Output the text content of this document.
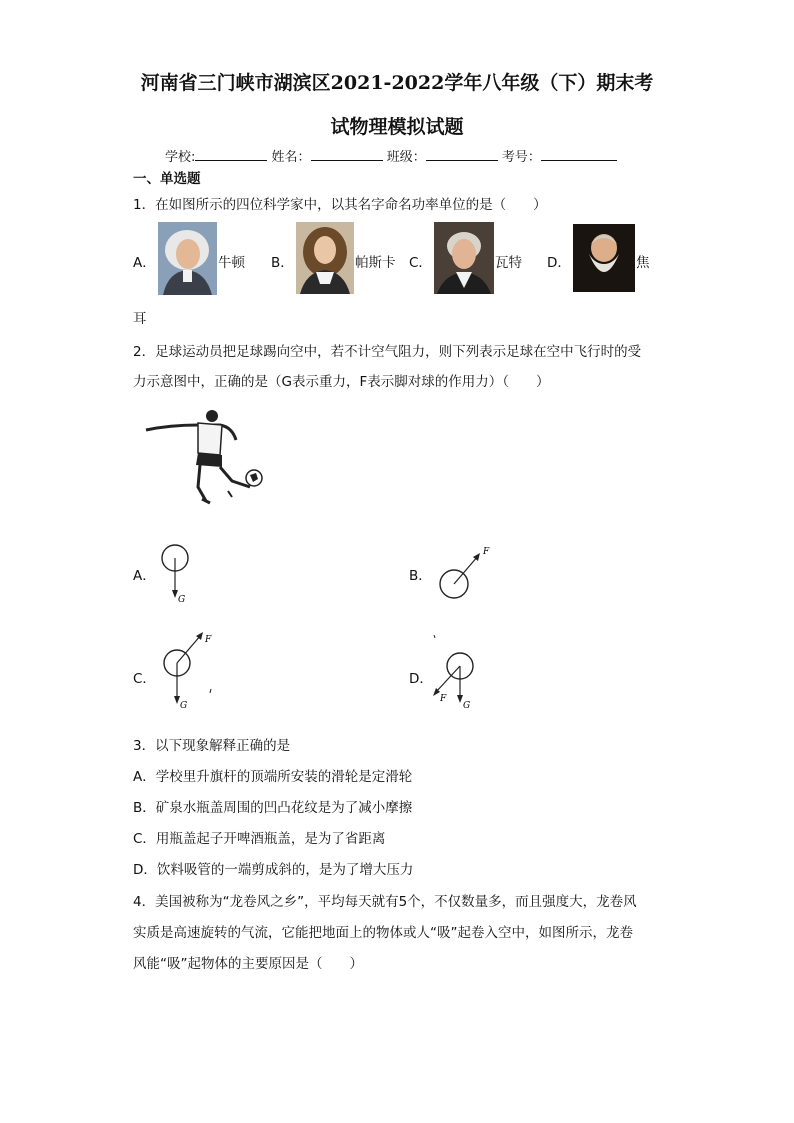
河南省三门峡市湖滨区2021-2022学年八年级（下）期末考
试物理模拟试题
学校:	姓名：	班级：	考号：
一、单选题
1．在如图所示的四位科学家中，以其名字命名功率单位的是（　　）
A．	牛顿 B．	帕斯卡 C．	瓦特 D．	焦
耳
2．足球运动员把足球踢向空中，若不计空气阻力，则下列表示足球在空中飞行时的受
力示意图中，正确的是（G表示重力，F表示脚对球的作用力）（　　）
A．
G
B．
F
C．
F
G
D．
F
G
3．以下现象解释正确的是
A．学校里升旗杆的顶端所安装的滑轮是定滑轮
B．矿泉水瓶盖周围的凹凸花纹是为了减小摩擦
C．用瓶盖起子开啤酒瓶盖，是为了省距离
D．饮料吸管的一端剪成斜的，是为了增大压力
4．美国被称为“龙卷风之乡”，平均每天就有5个，不仅数量多，而且强度大，龙卷风
实质是高速旋转的气流，它能把地面上的物体或人“吸”起卷入空中，如图所示，龙卷
风能“吸”起物体的主要原因是（　　）
